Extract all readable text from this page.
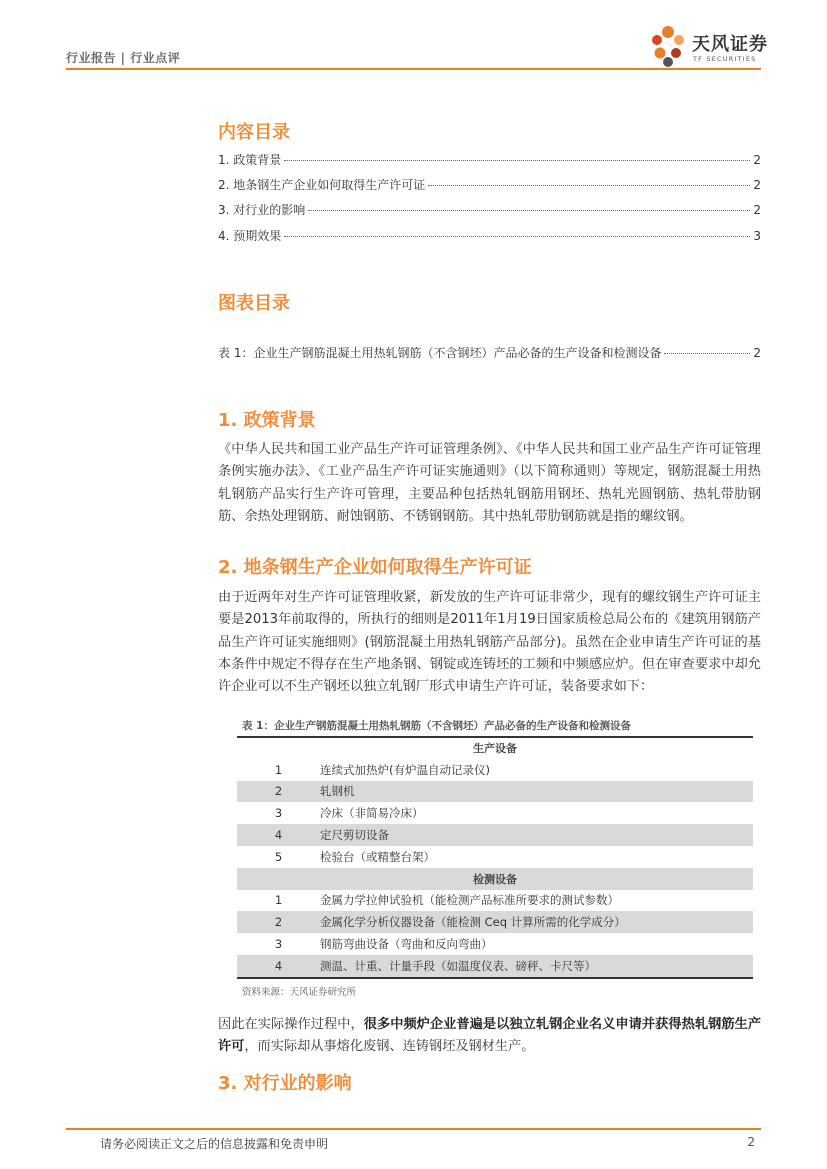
行业报告 | 行业点评
天风证券
TF SECURITIES
内容目录
1. 政策背景	2
2. 地条钢生产企业如何取得生产许可证	2
3. 对行业的影响	2
4. 预期效果	3
图表目录
表 1：企业生产钢筋混凝土用热轧钢筋（不含钢坯）产品必备的生产设备和检测设备	2
1. 政策背景
《中华人民共和国工业产品生产许可证管理条例》、《中华人民共和国工业产品生产许可证管理条例实施办法》、《工业产品生产许可证实施通则》（以下简称通则）等规定，钢筋混凝土用热轧钢筋产品实行生产许可管理，主要品种包括热轧钢筋用钢坯、热轧光圆钢筋、热轧带肋钢筋、余热处理钢筋、耐蚀钢筋、不锈钢钢筋。其中热轧带肋钢筋就是指的螺纹钢。
2. 地条钢生产企业如何取得生产许可证
由于近两年对生产许可证管理收紧，新发放的生产许可证非常少，现有的螺纹钢生产许可证主要是2013年前取得的，所执行的细则是2011年1月19日国家质检总局公布的《建筑用钢筋产品生产许可证实施细则》(钢筋混凝土用热轧钢筋产品部分)。虽然在企业申请生产许可证的基本条件中规定不得存在生产地条钢、钢锭或连铸坯的工频和中频感应炉。但在审查要求中却允许企业可以不生产钢坯以独立轧钢厂形式申请生产许可证，装备要求如下：
表 1：企业生产钢筋混凝土用热轧钢筋（不含钢坯）产品必备的生产设备和检测设备
生产设备
1	连续式加热炉(有炉温自动记录仪)
2	轧钢机
3	冷床（非简易冷床）
4	定尺剪切设备
5	检验台（或精整台架）
检测设备
1	金属力学拉伸试验机（能检测产品标准所要求的测试参数）
2	金属化学分析仪器设备（能检测 Ceq 计算所需的化学成分）
3	钢筋弯曲设备（弯曲和反向弯曲）
4	测温、计重、计量手段（如温度仪表、磅秤、卡尺等）
资料来源：天风证券研究所
因此在实际操作过程中，很多中频炉企业普遍是以独立轧钢企业名义申请并获得热轧钢筋生产许可，而实际却从事熔化废钢、连铸钢坯及钢材生产。
3. 对行业的影响
请务必阅读正文之后的信息披露和免责申明	2
